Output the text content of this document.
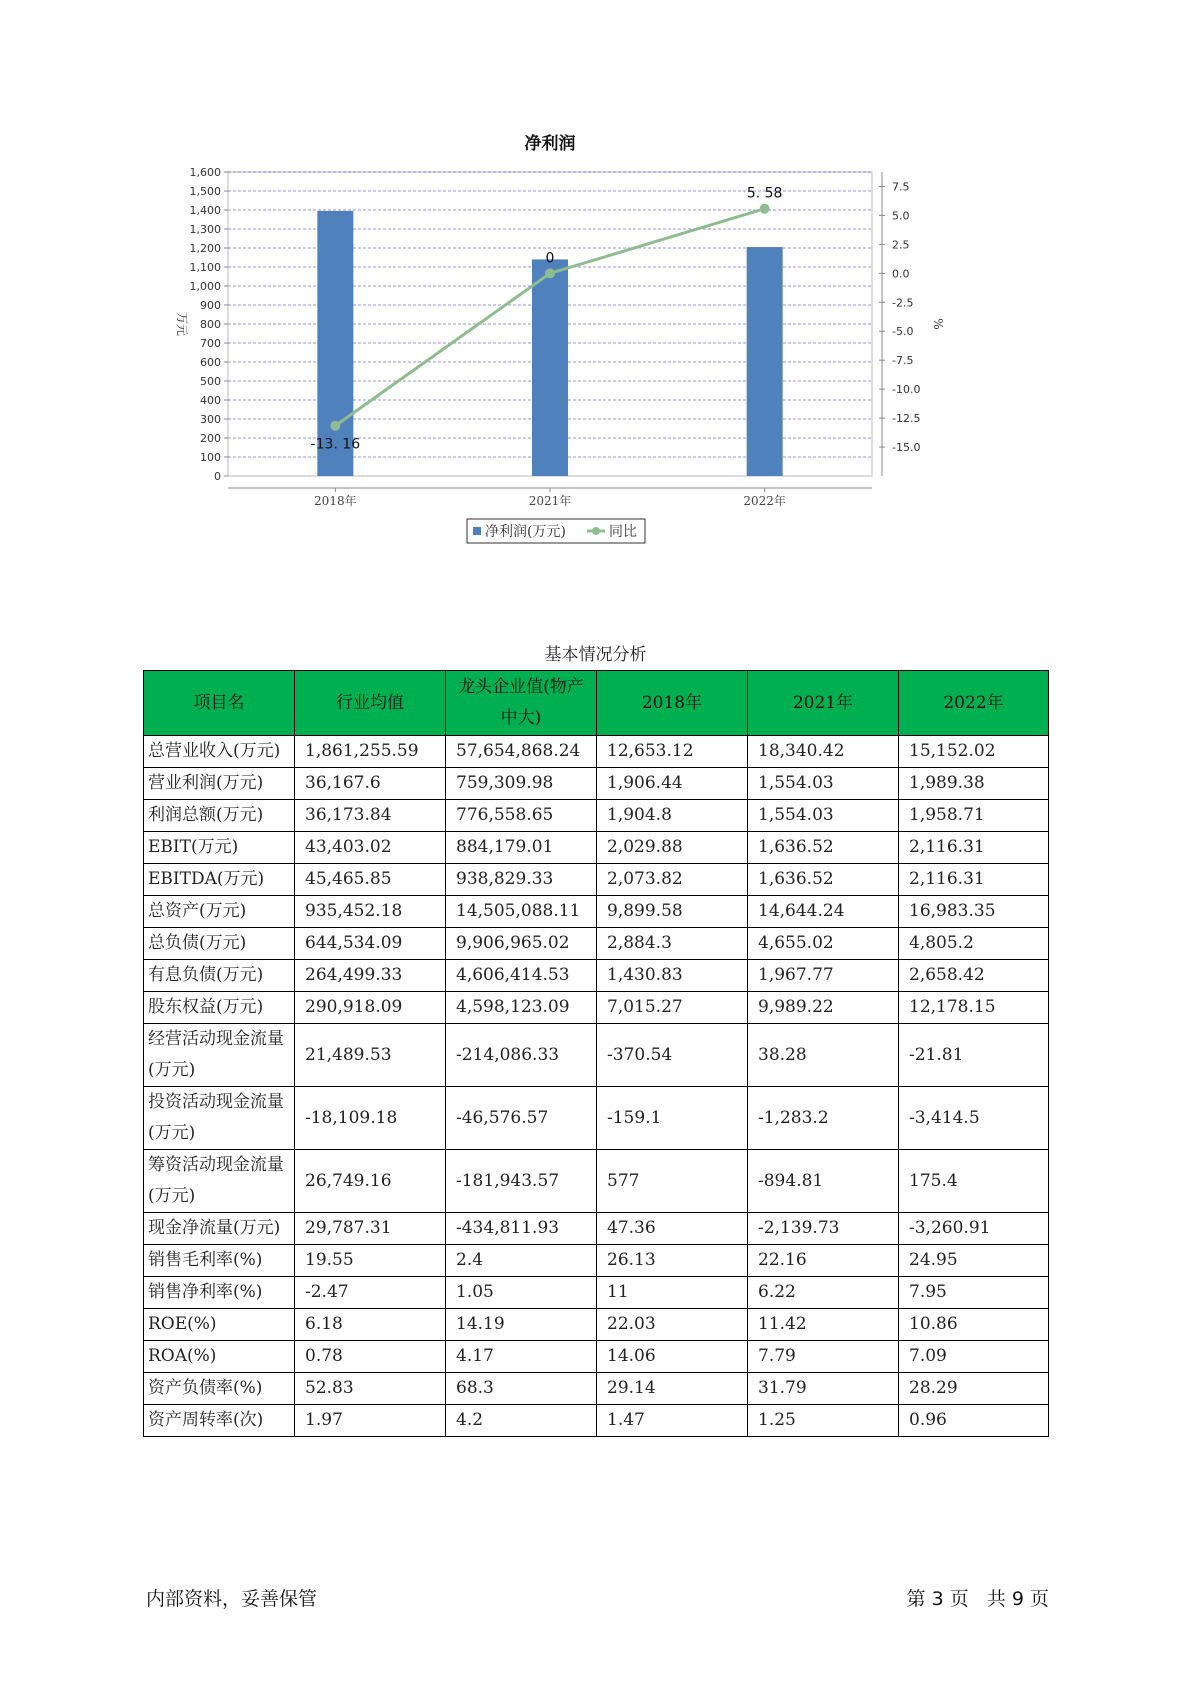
净利润
0
100
200
300
400
500
600
700
800
900
1,000
1,100
1,200
1,300
1,400
1,500
1,600
-15.0
-12.5
-10.0
-7.5
-5.0
-2.5
0.0
2.5
5.0
7.5
2018年	2021年	2022年
万元	%
-13. 16
0
5. 58
净利润(万元)	同比
基本情况分析
项目名	行业均值	龙头企业值(物产中大)	2018年	2021年	2022年
总营业收入(万元)	1,861,255.59	57,654,868.24	12,653.12	18,340.42	15,152.02
营业利润(万元)	36,167.6	759,309.98	1,906.44	1,554.03	1,989.38
利润总额(万元)	36,173.84	776,558.65	1,904.8	1,554.03	1,958.71
EBIT(万元)	43,403.02	884,179.01	2,029.88	1,636.52	2,116.31
EBITDA(万元)	45,465.85	938,829.33	2,073.82	1,636.52	2,116.31
总资产(万元)	935,452.18	14,505,088.11	9,899.58	14,644.24	16,983.35
总负债(万元)	644,534.09	9,906,965.02	2,884.3	4,655.02	4,805.2
有息负债(万元)	264,499.33	4,606,414.53	1,430.83	1,967.77	2,658.42
股东权益(万元)	290,918.09	4,598,123.09	7,015.27	9,989.22	12,178.15
经营活动现金流量(万元)	21,489.53	-214,086.33	-370.54	38.28	-21.81
投资活动现金流量(万元)	-18,109.18	-46,576.57	-159.1	-1,283.2	-3,414.5
筹资活动现金流量(万元)	26,749.16	-181,943.57	577	-894.81	175.4
现金净流量(万元)	29,787.31	-434,811.93	47.36	-2,139.73	-3,260.91
销售毛利率(%)	19.55	2.4	26.13	22.16	24.95
销售净利率(%)	-2.47	1.05	11	6.22	7.95
ROE(%)	6.18	14.19	22.03	11.42	10.86
ROA(%)	0.78	4.17	14.06	7.79	7.09
资产负债率(%)	52.83	68.3	29.14	31.79	28.29
资产周转率(次)	1.97	4.2	1.47	1.25	0.96
内部资料，妥善保管	第 3 页   共 9 页
